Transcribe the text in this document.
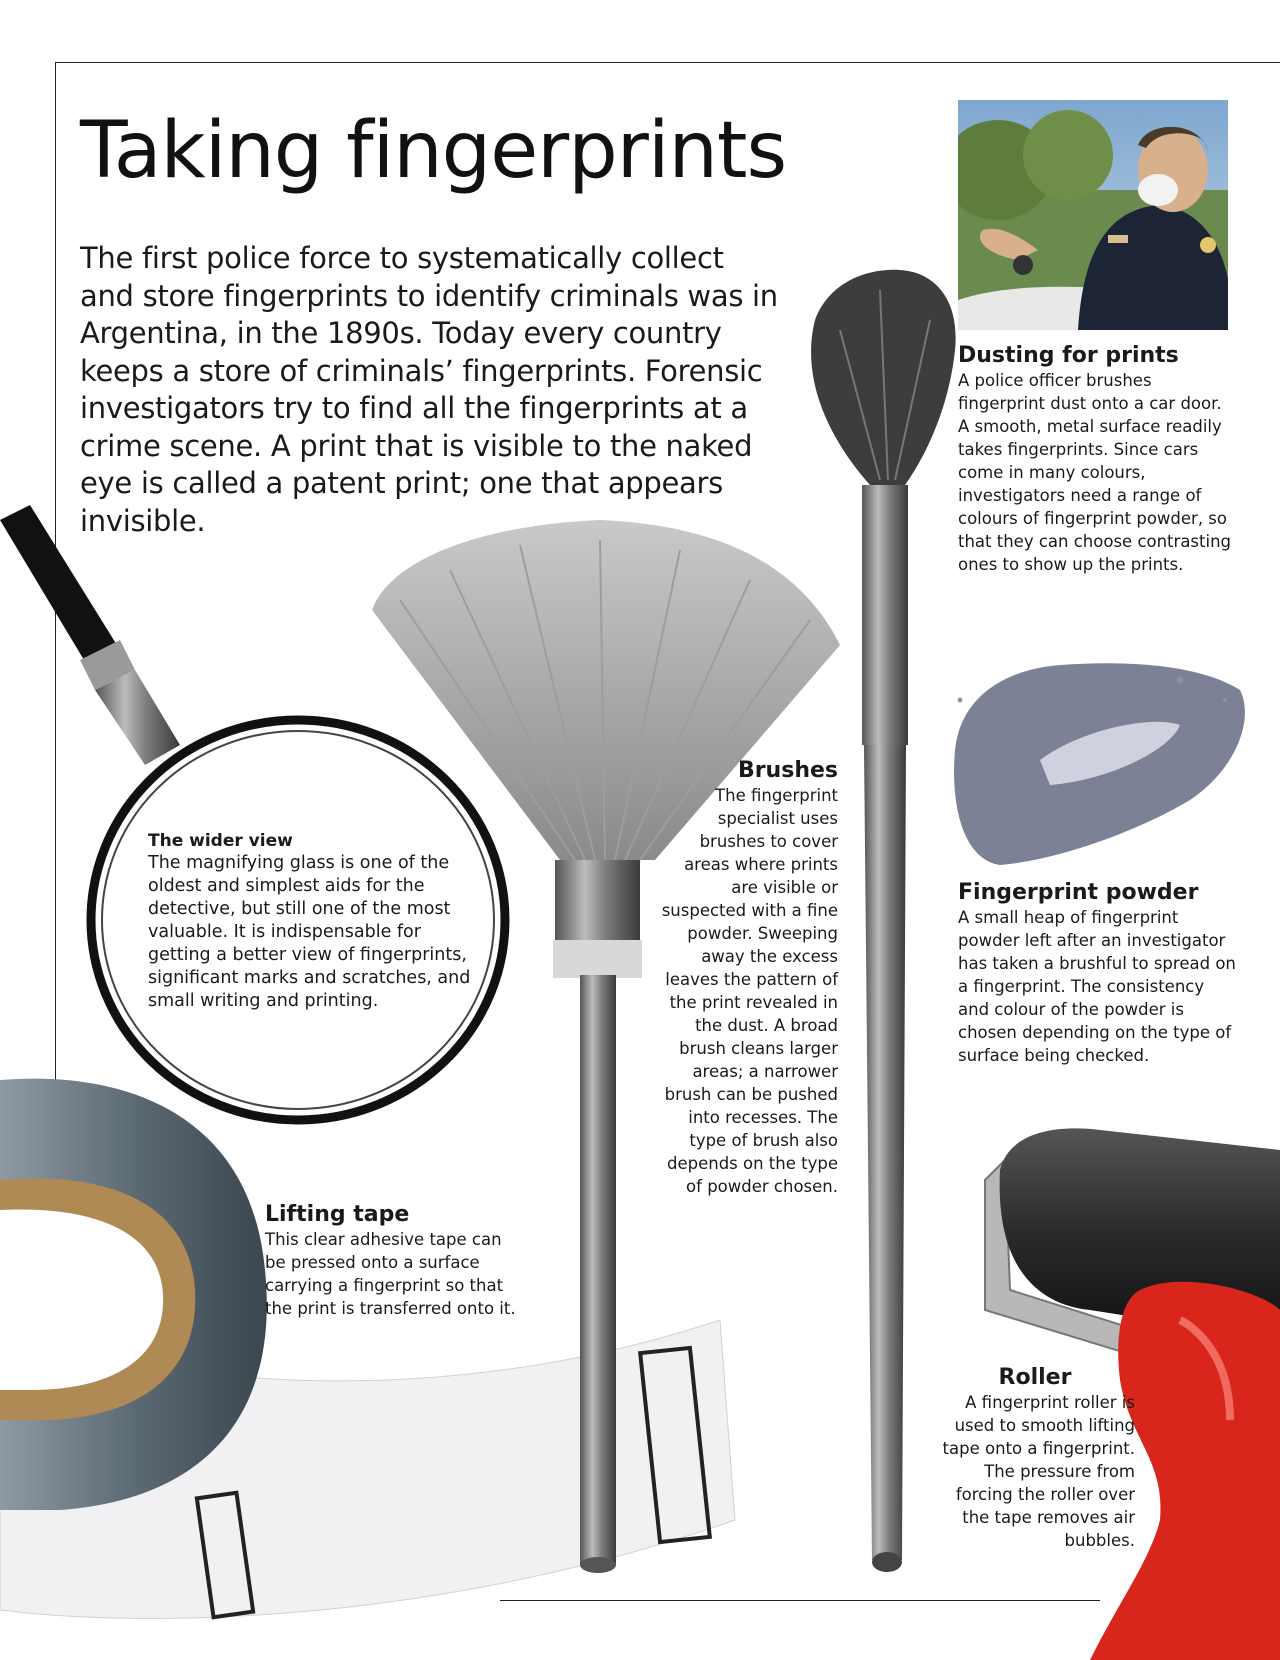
Taking fingerprints

The first police force to systematically collect and store fingerprints to identify criminals was in Argentina, in the 1890s. Today every country keeps a store of criminals’ fingerprints. Forensic investigators try to find all the fingerprints at a crime scene. A print that is visible to the naked eye is called a patent print; one that appears invisible.

Dusting for prints

A police officer brushes fingerprint dust onto a car door. A smooth, metal surface readily takes fingerprints. Since cars come in many colours, investigators need a range of colours of fingerprint powder, so that they can choose contrasting ones to show up the prints.

Brushes

The fingerprint specialist uses brushes to cover areas where prints are visible or suspected with a fine powder. Sweeping away the excess leaves the pattern of the print revealed in the dust. A broad brush cleans larger areas; a narrower brush can be pushed into recesses. The type of brush also depends on the type of powder chosen.

The wider view

The magnifying glass is one of the oldest and simplest aids for the detective, but still one of the most valuable. It is indispensable for getting a better view of fingerprints, significant marks and scratches, and small writing and printing.

Fingerprint powder

A small heap of fingerprint powder left after an investigator has taken a brushful to spread on a fingerprint. The consistency and colour of the powder is chosen depending on the type of surface being checked.

Lifting tape

This clear adhesive tape can be pressed onto a surface carrying a fingerprint so that the print is transferred onto it.

Roller

A fingerprint roller is used to smooth lifting tape onto a fingerprint. The pressure from forcing the roller over the tape removes air bubbles.
